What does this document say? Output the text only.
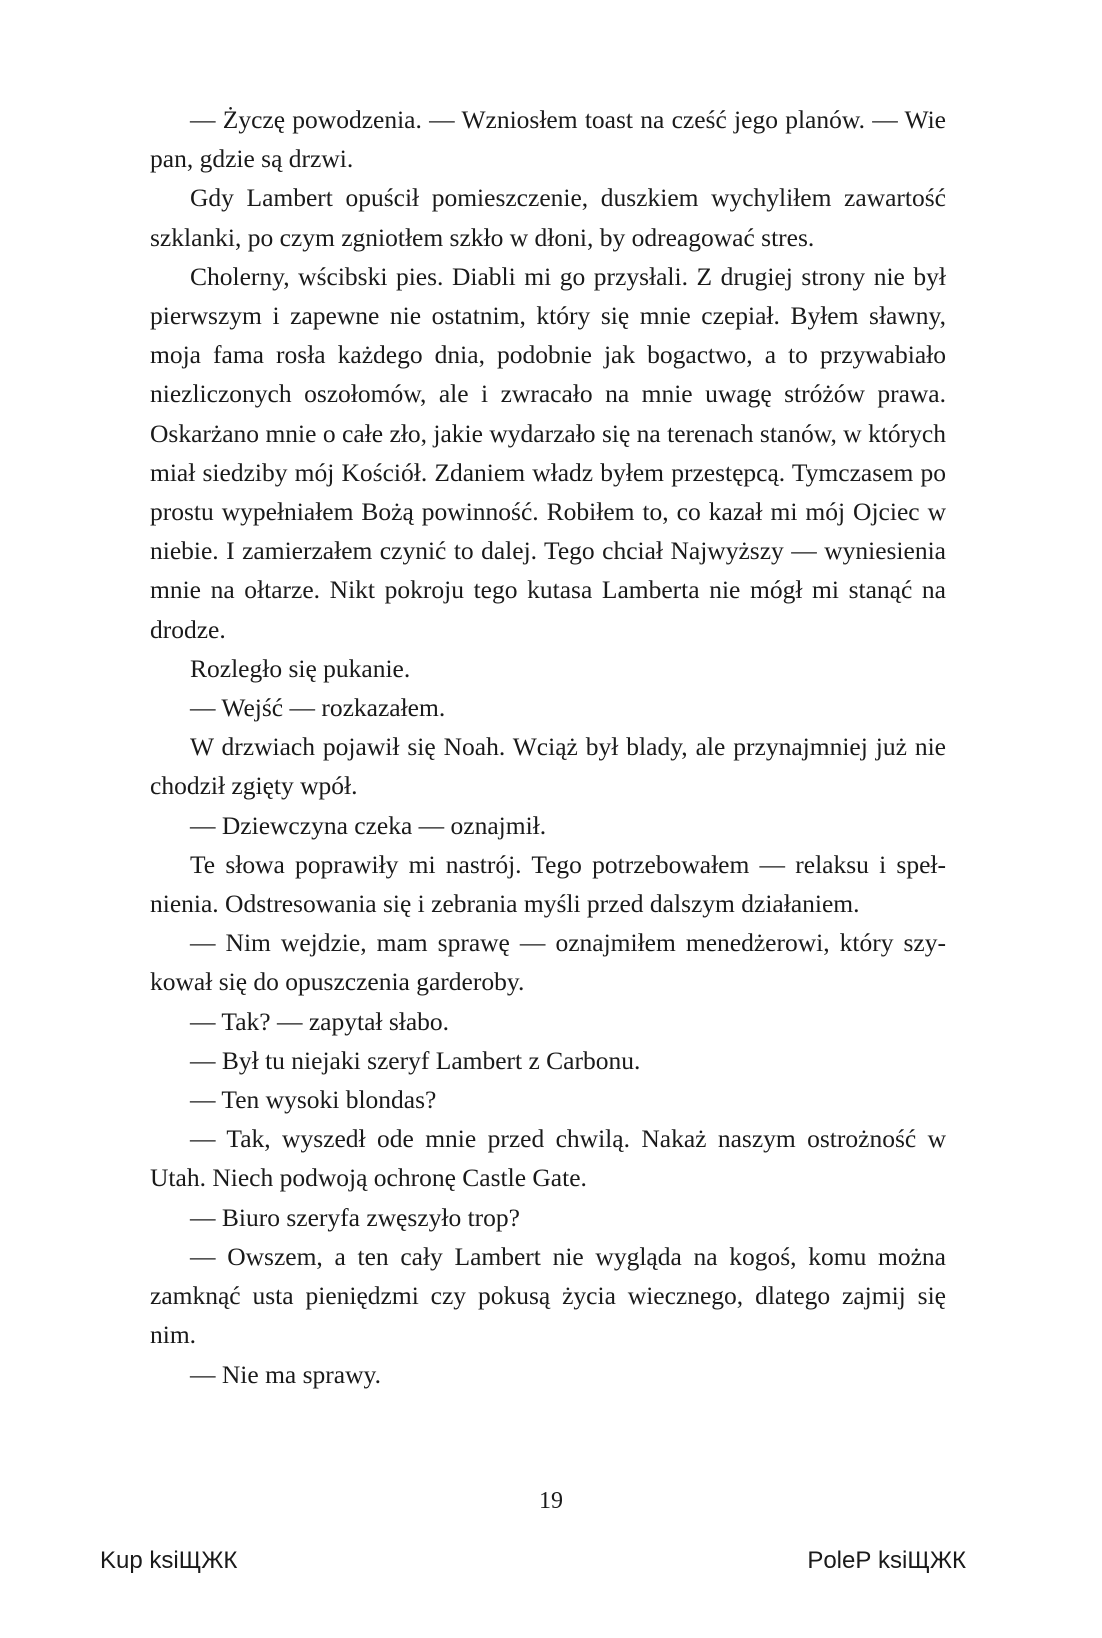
— Życzę powodzenia. — Wzniosłem toast na cześć jego planów. — Wie pan, gdzie są drzwi.

Gdy Lambert opuścił pomieszczenie, duszkiem wychyliłem zawartość szklanki, po czym zgniotłem szkło w dłoni, by odreagować stres.

Cholerny, wścibski pies. Diabli mi go przysłali. Z drugiej strony nie był pierwszym i zapewne nie ostatnim, który się mnie czepiał. Byłem sławny, moja fama rosła każdego dnia, podobnie jak bogactwo, a to przywabiało niezliczonych oszołomów, ale i zwracało na mnie uwagę stróżów prawa. Oskarżano mnie o całe zło, jakie wydarzało się na terenach stanów, w których miał siedziby mój Kościół. Zdaniem władz byłem przestępcą. Tymczasem po prostu wypełniałem Bożą powinność. Robiłem to, co kazał mi mój Ojciec w niebie. I zamierzałem czynić to dalej. Tego chciał Najwyższy — wyniesienia mnie na ołtarze. Nikt pokroju tego kutasa Lamberta nie mógł mi stanąć na drodze.

Rozległo się pukanie.

— Wejść — rozkazałem.

W drzwiach pojawił się Noah. Wciąż był blady, ale przynajmniej już nie chodził zgięty wpół.

— Dziewczyna czeka — oznajmił.

Te słowa poprawiły mi nastrój. Tego potrzebowałem — relaksu i spełnienia. Odstresowania się i zebrania myśli przed dalszym działaniem.

— Nim wejdzie, mam sprawę — oznajmiłem menedżerowi, który szykował się do opuszczenia garderoby.

— Tak? — zapytał słabo.

— Był tu niejaki szeryf Lambert z Carbonu.

— Ten wysoki blondas?

— Tak, wyszedł ode mnie przed chwilą. Nakaż naszym ostrożność w Utah. Niech podwoją ochronę Castle Gate.

— Biuro szeryfa zwęszyło trop?

— Owszem, a ten cały Lambert nie wygląda na kogoś, komu można zamknąć usta pieniędzmi czy pokusą życia wiecznego, dlatego zajmij się nim.

— Nie ma sprawy.

19
Kup ksiЩЖК	PoleР ksiЩЖК
